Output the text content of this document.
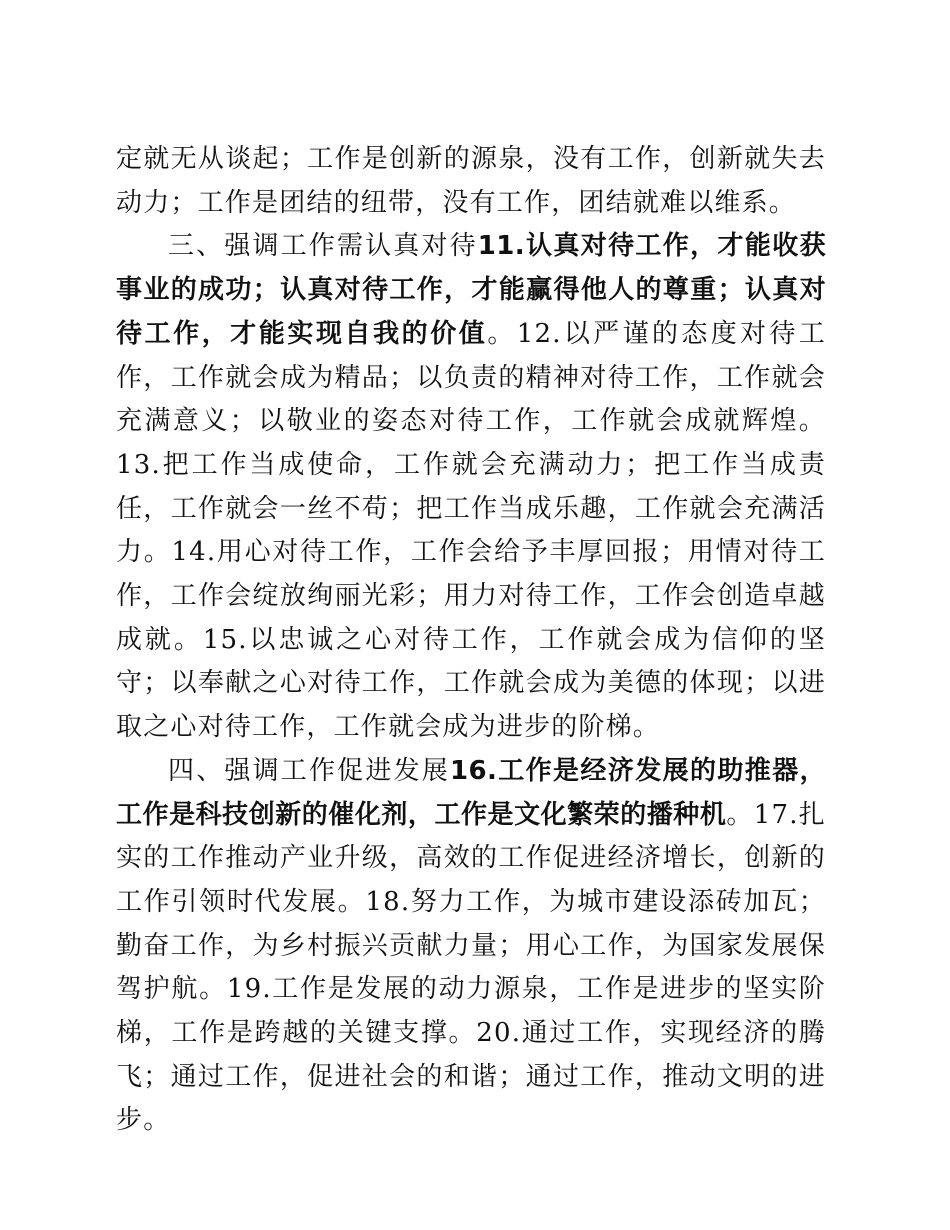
定就无从谈起；工作是创新的源泉，没有工作，创新就失去动力；工作是团结的纽带，没有工作，团结就难以维系。

三、强调工作需认真对待11.认真对待工作，才能收获事业的成功；认真对待工作，才能赢得他人的尊重；认真对待工作，才能实现自我的价值。12.以严谨的态度对待工作，工作就会成为精品；以负责的精神对待工作，工作就会充满意义；以敬业的姿态对待工作，工作就会成就辉煌。13.把工作当成使命，工作就会充满动力；把工作当成责任，工作就会一丝不苟；把工作当成乐趣，工作就会充满活力。14.用心对待工作，工作会给予丰厚回报；用情对待工作，工作会绽放绚丽光彩；用力对待工作，工作会创造卓越成就。15.以忠诚之心对待工作，工作就会成为信仰的坚守；以奉献之心对待工作，工作就会成为美德的体现；以进取之心对待工作，工作就会成为进步的阶梯。

四、强调工作促进发展16.工作是经济发展的助推器，工作是科技创新的催化剂，工作是文化繁荣的播种机。17.扎实的工作推动产业升级，高效的工作促进经济增长，创新的工作引领时代发展。18.努力工作，为城市建设添砖加瓦；勤奋工作，为乡村振兴贡献力量；用心工作，为国家发展保驾护航。19.工作是发展的动力源泉，工作是进步的坚实阶梯，工作是跨越的关键支撑。20.通过工作，实现经济的腾飞；通过工作，促进社会的和谐；通过工作，推动文明的进步。
